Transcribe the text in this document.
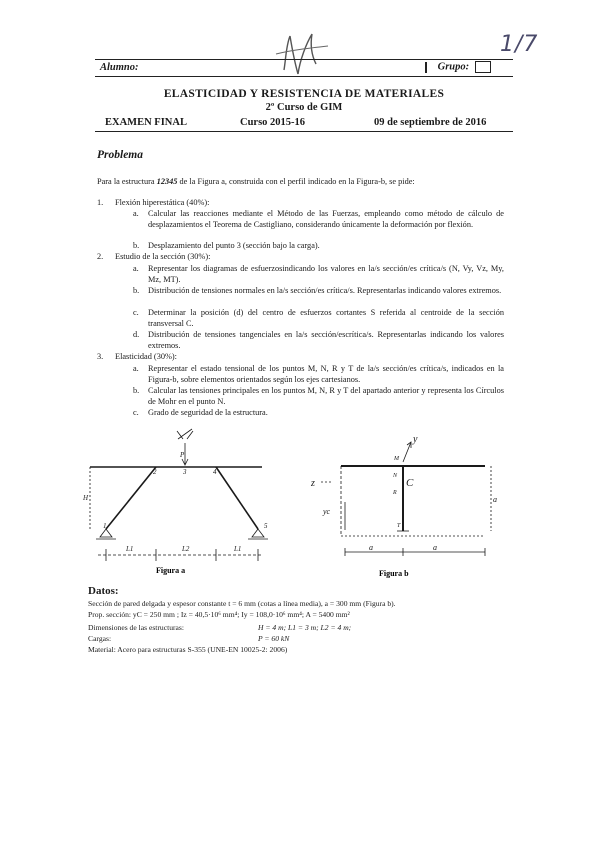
1/7
Alumno:	Grupo:
ELASTICIDAD Y RESISTENCIA DE MATERIALES
2º Curso de GIM
EXAMEN FINAL	Curso 2015-16	09 de septiembre de 2016
Problema
Para la estructura 12345 de la Figura a, construida con el perfil indicado en la Figura-b, se pide:
1. Flexión hiperestática (40%):
a. Calcular las reacciones mediante el Método de las Fuerzas, empleando como método de cálculo de desplazamientos el Teorema de Castigliano, considerando únicamente la deformación por flexión.
b. Desplazamiento del punto 3 (sección bajo la carga).
2. Estudio de la sección (30%):
a. Representar los diagramas de esfuerzosindicando los valores en la/s sección/es crítica/s (N, Vy, Vz, My, Mz, MT).
b. Distribución de tensiones normales en la/s sección/es crítica/s. Representarlas indicando valores extremos.
c. Determinar la posición (d) del centro de esfuerzos cortantes S referida al centroide de la sección transversal C.
d. Distribución de tensiones tangenciales en la/s sección/escrítica/s. Representarlas indicando los valores extremos.
3. Elasticidad (30%):
a. Representar el estado tensional de los puntos M, N, R y T de la/s sección/es crítica/s, indicados en la Figura-b, sobre elementos orientados según los ejes cartesianos.
b. Calcular las tensiones principales en los puntos M, N, R y T del apartado anterior y representa los Círculos de Mohr en el punto N.
c. Grado de seguridad de la estructura.
P
1
2	3	4
5
H
L1	L2	L1
Figura a
y
z	C
M
N
R
T
yc
a
a	a
Figura b
Datos:
Sección de pared delgada y espesor constante t = 6 mm (cotas a línea media), a = 300 mm (Figura b).
Prop. sección: yC = 250 mm ; Iz = 40,5·10⁶ mm⁴; Iy = 108,0·10⁶ mm⁴; A = 5400 mm²
Dimensiones de las estructuras:	H = 4 m; L1 = 3 m; L2 = 4 m;
Cargas:	P = 60 kN
Material: Acero para estructuras S-355 (UNE-EN 10025-2: 2006)
